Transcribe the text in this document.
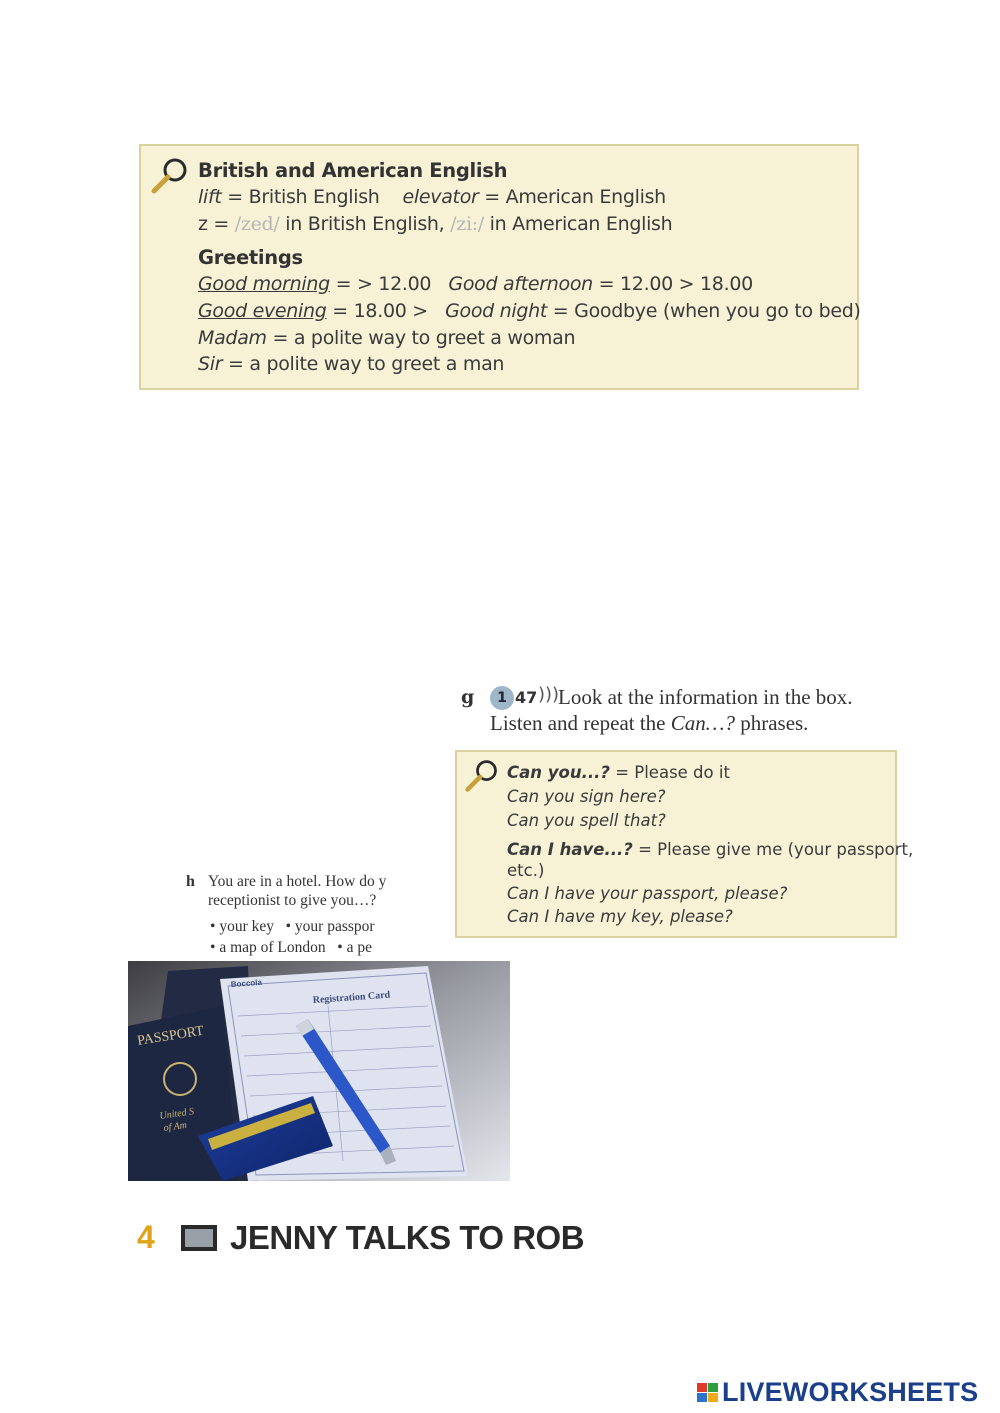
British and American English
lift = British English elevator = American English
z = /zed/ in British English, /zi:/ in American English
Greetings
Good morning = > 12.00 Good afternoon = 12.00 > 18.00
Good evening = 18.00 > Good night = Goodbye (when you go to bed)
Madam = a polite way to greet a woman
Sir = a polite way to greet a man
g	1 47 )))
Look at the information in the box.
Listen and repeat the Can…? phrases.
Can you...? = Please do it
Can you sign here?
Can you spell that?
Can I have...? = Please give me (your passport,
etc.)
Can I have your passport, please?
Can I have my key, please?
h You are in a hotel. How do y
receptionist to give you…?
• your key • your passpor
• a map of London • a pe
PASSPORT
United S
of Am
Boccola
Registration Card
4 JENNY TALKS TO ROB
LIVEWORKSHEETS
